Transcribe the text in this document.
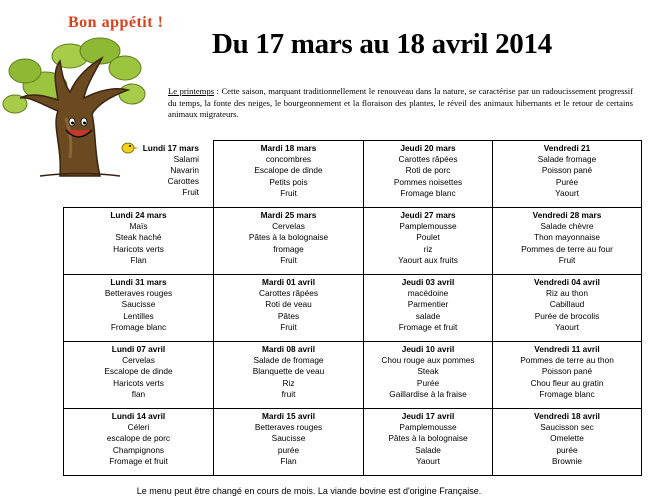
Bon appétit !
Du 17 mars au 18 avril 2014
Le printemps : Cette saison, marquant traditionnellement le renouveau dans la nature, se caractérise par un radoucissement progressif du temps, la fonte des neiges, le bourgeonnement et la floraison des plantes, le réveil des animaux hibernants et le retour de certains animaux migrateurs.
Lundi 17 mars
Salami
Navarin
Carottes
Fruit	Mardi 18 mars
concombres
Escalope de dinde
Petits pois
Fruit	Jeudi 20 mars
Carottes râpées
Roti de porc
Pommes noisettes
Fromage blanc	Vendredi 21
Salade fromage
Poisson pané
Purée
Yaourt

Lundi 24 mars
Maïs
Steak haché
Haricots verts
Flan	Mardi 25 mars
Cervelas
Pâtes à la bolognaise
fromage
Fruit	Jeudi 27 mars
Pamplemousse
Poulet
riz
Yaourt aux fruits	Vendredi 28 mars
Salade chèvre
Thon mayonnaise
Pommes de terre au four
Fruit

Lundi 31 mars
Betteraves rouges
Saucisse
Lentilles
Fromage blanc	Mardi 01 avril
Carottes râpées
Roti de veau
Pâtes
Fruit	Jeudi 03 avril
macédoine
Parmentier
salade
Fromage et fruit	Vendredi 04 avril
Riz au thon
Cabillaud
Purée de brocolis
Yaourt

Lundi 07 avril
Cervelas
Escalope de dinde
Haricots verts
flan	Mardi 08 avril
Salade de fromage
Blanquette de veau
Riz
fruit	Jeudi 10 avril
Chou rouge aux pommes
Steak
Purée
Gaillardise à la fraise	Vendredi 11 avril
Pommes de terre au thon
Poisson pané
Chou fleur au gratin
Fromage blanc

Lundi 14 avril
Céleri
escalope de porc
Champignons
Fromage et fruit	Mardi 15 avril
Betteraves rouges
Saucisse
purée
Flan	Jeudi 17 avril
Pamplemousse
Pâtes à la bolognaise
Salade
Yaourt	Vendredi 18 avril
Saucisson sec
Omelette
purée
Brownie
Le menu peut être changé en cours de mois. La viande bovine est d'origine Française.
